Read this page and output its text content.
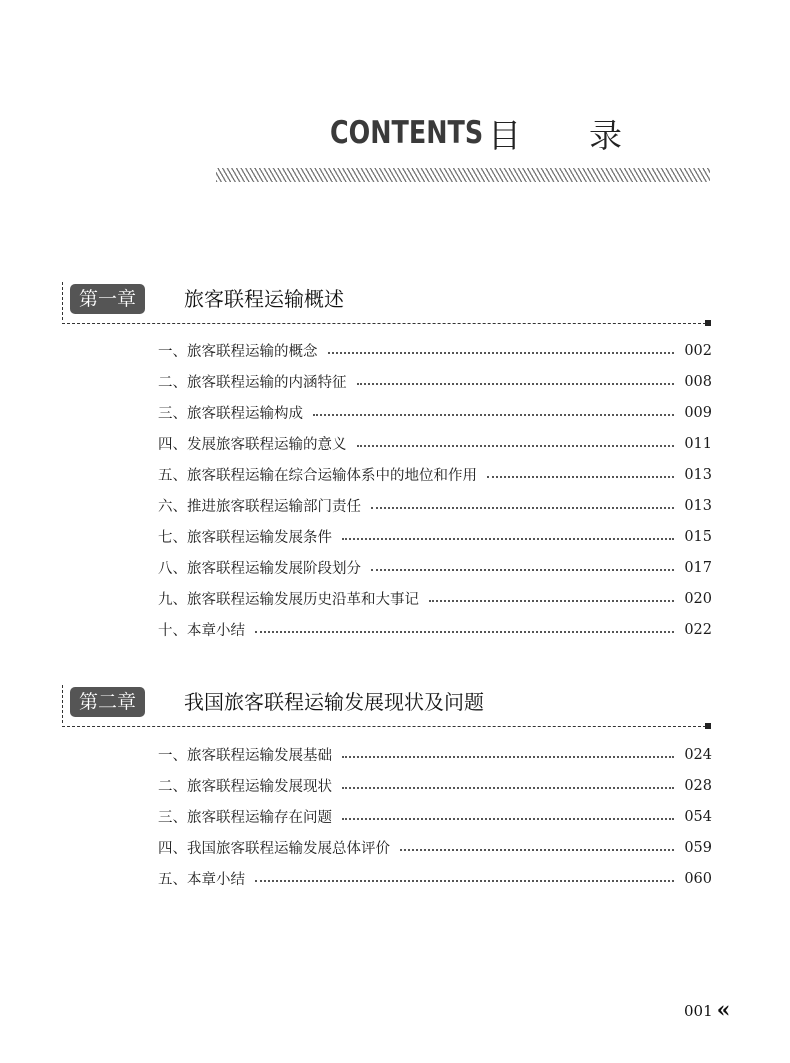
CONTENTS 目录
第一章	旅客联程运输概述
一、旅客联程运输的概念	002
二、旅客联程运输的内涵特征	008
三、旅客联程运输构成	009
四、发展旅客联程运输的意义	011
五、旅客联程运输在综合运输体系中的地位和作用	013
六、推进旅客联程运输部门责任	013
七、旅客联程运输发展条件	015
八、旅客联程运输发展阶段划分	017
九、旅客联程运输发展历史沿革和大事记	020
十、本章小结	022
第二章	我国旅客联程运输发展现状及问题
一、旅客联程运输发展基础	024
二、旅客联程运输发展现状	028
三、旅客联程运输存在问题	054
四、我国旅客联程运输发展总体评价	059
五、本章小结	060
001 «
